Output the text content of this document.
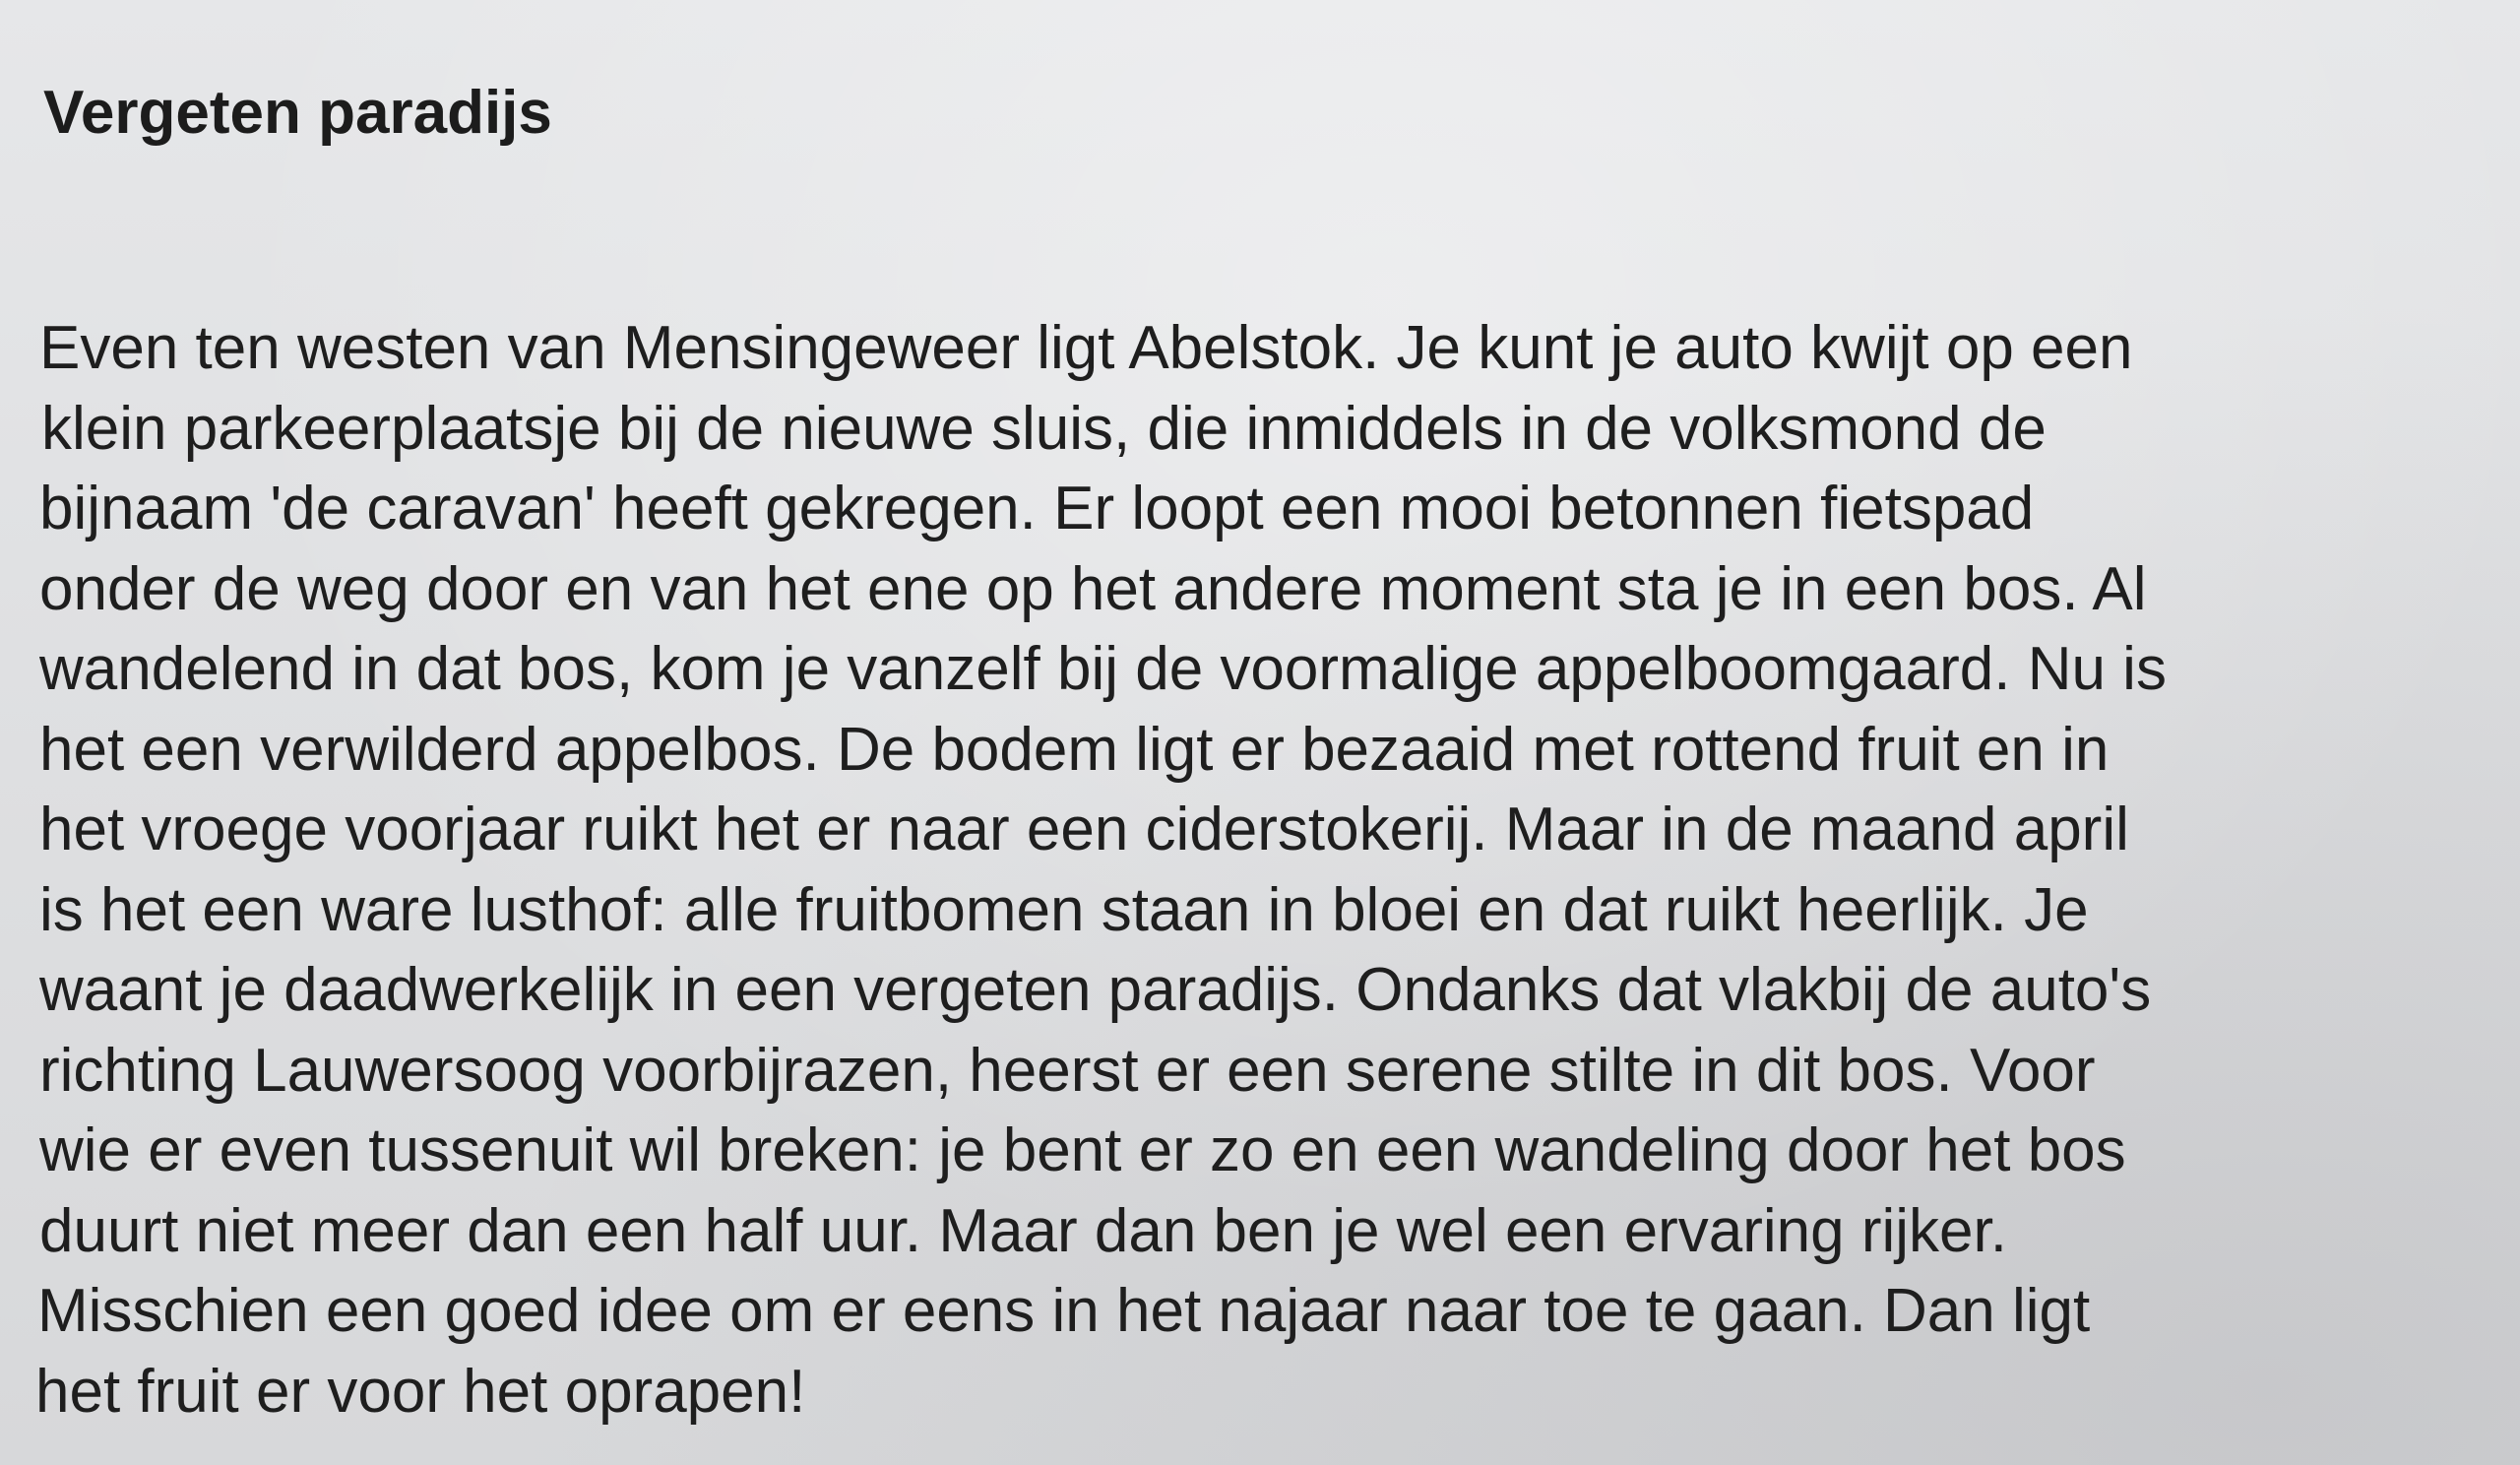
Vergeten paradijs
Even ten westen van Mensingeweer ligt Abelstok. Je kunt je auto kwijt op een
klein parkeerplaatsje bij de nieuwe sluis, die inmiddels in de volksmond de
bijnaam 'de caravan' heeft gekregen. Er loopt een mooi betonnen fietspad
onder de weg door en van het ene op het andere moment sta je in een bos. Al
wandelend in dat bos, kom je vanzelf bij de voormalige appelboomgaard. Nu is
het een verwilderd appelbos. De bodem ligt er bezaaid met rottend fruit en in
het vroege voorjaar ruikt het er naar een ciderstokerij. Maar in de maand april
is het een ware lusthof: alle fruitbomen staan in bloei en dat ruikt heerlijk. Je
waant je daadwerkelijk in een vergeten paradijs. Ondanks dat vlakbij de auto's
richting Lauwersoog voorbijrazen, heerst er een serene stilte in dit bos. Voor
wie er even tussenuit wil breken: je bent er zo en een wandeling door het bos
duurt niet meer dan een half uur. Maar dan ben je wel een ervaring rijker.
Misschien een goed idee om er eens in het najaar naar toe te gaan. Dan ligt
het fruit er voor het oprapen!
